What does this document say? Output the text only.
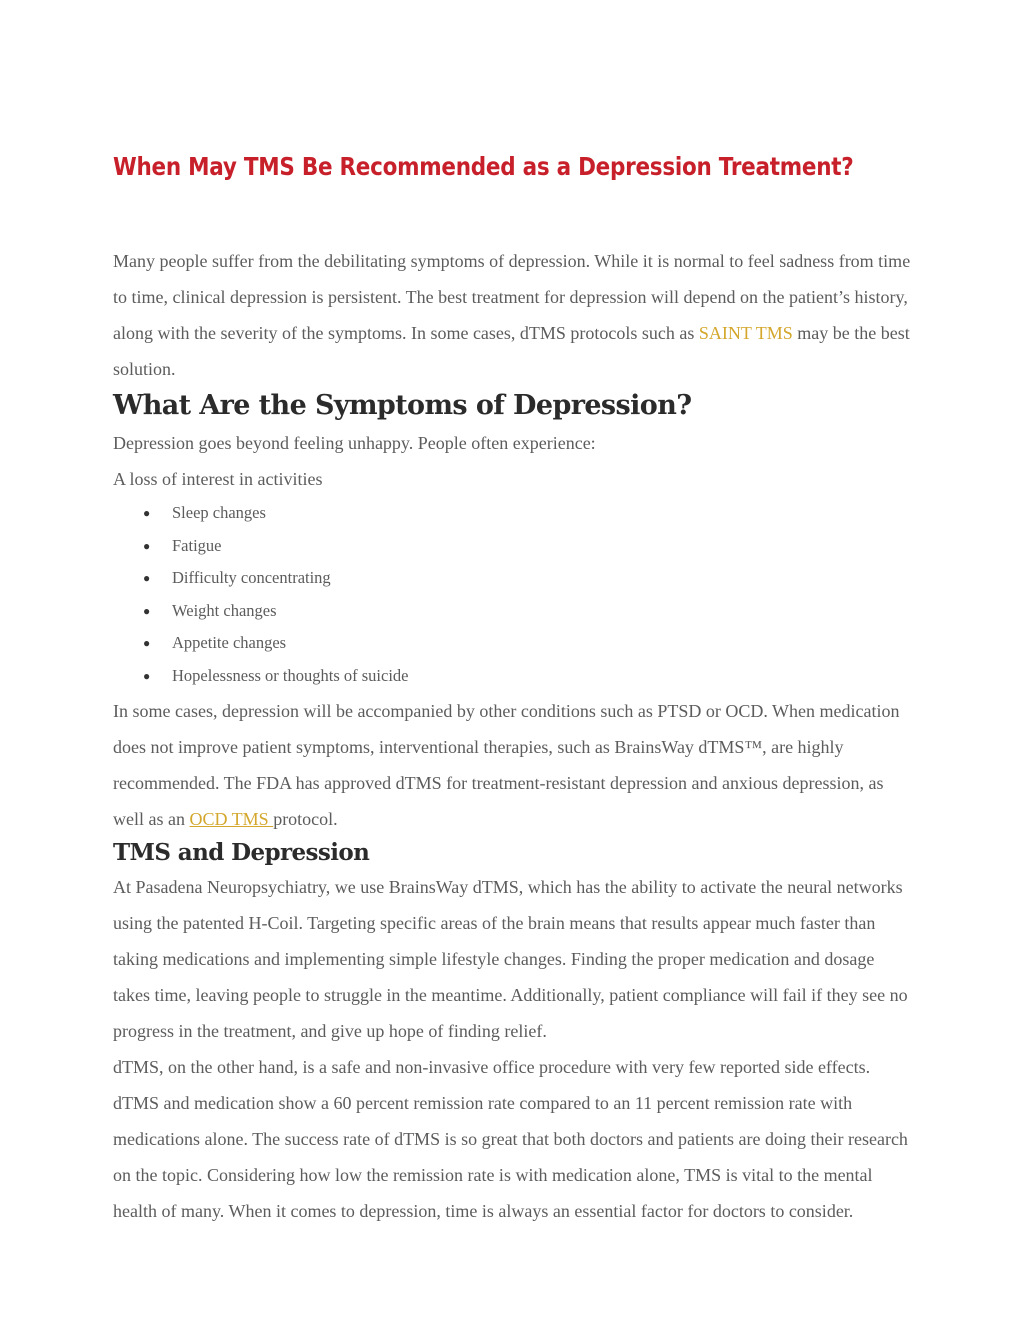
When May TMS Be Recommended as a Depression Treatment?

Many people suffer from the debilitating symptoms of depression. While it is normal to feel sadness from time to time, clinical depression is persistent. The best treatment for depression will depend on the patient’s history, along with the severity of the symptoms. In some cases, dTMS protocols such as SAINT TMS may be the best solution.

What Are the Symptoms of Depression?

Depression goes beyond feeling unhappy. People often experience:

A loss of interest in activities

● Sleep changes
● Fatigue
● Difficulty concentrating
● Weight changes
● Appetite changes
● Hopelessness or thoughts of suicide

In some cases, depression will be accompanied by other conditions such as PTSD or OCD. When medication does not improve patient symptoms, interventional therapies, such as BrainsWay dTMS™, are highly recommended. The FDA has approved dTMS for treatment-resistant depression and anxious depression, as well as an OCD TMS protocol.

TMS and Depression

At Pasadena Neuropsychiatry, we use BrainsWay dTMS, which has the ability to activate the neural networks using the patented H-Coil. Targeting specific areas of the brain means that results appear much faster than taking medications and implementing simple lifestyle changes. Finding the proper medication and dosage takes time, leaving people to struggle in the meantime. Additionally, patient compliance will fail if they see no progress in the treatment, and give up hope of finding relief.

dTMS, on the other hand, is a safe and non-invasive office procedure with very few reported side effects. dTMS and medication show a 60 percent remission rate compared to an 11 percent remission rate with medications alone. The success rate of dTMS is so great that both doctors and patients are doing their research on the topic. Considering how low the remission rate is with medication alone, TMS is vital to the mental health of many. When it comes to depression, time is always an essential factor for doctors to consider.
